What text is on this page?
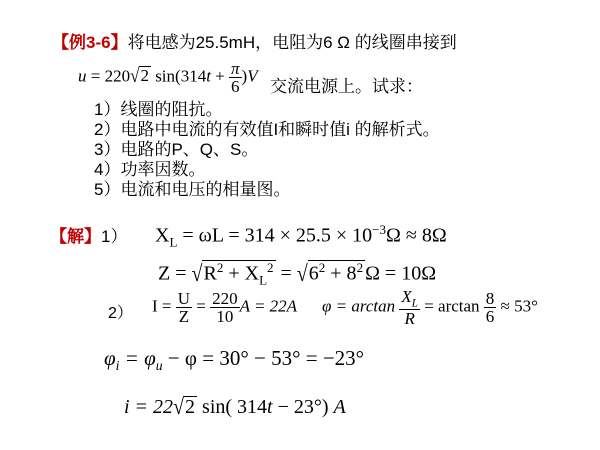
【例3-6】将电感为25.5mH，电阻为6 Ω 的线圈串接到
u = 220√2 $\sin(314t + \frac{\pi}{6} )V$
交流电源上。试求：
1）线圈的阻抗。
2）电路中电流的有效值I和瞬时值i 的解析式。
3）电路的P、Q、S。
4）功率因数。
5）电流和电压的相量图。
【解】1） $X_L = \omega L = 314 \times 25.5 \times 10^{-3}\Omega \approx 8\Omega$
$Z = √R^2 + X_L^2 = √6^2 + 8^2$ Ω = 10Ω
2） $I = \frac{U}{Z} = \frac{220}{10}$ A = 22A $\varphi = \arctan \frac{X_L}{R} = \arctan \frac{8}{6} \approx 53^\circ$
$\varphi_i = \varphi_u - \varphi = 30^\circ - 53^\circ = -23^\circ$
i = 22√2 sin( 314t − 23°) A
